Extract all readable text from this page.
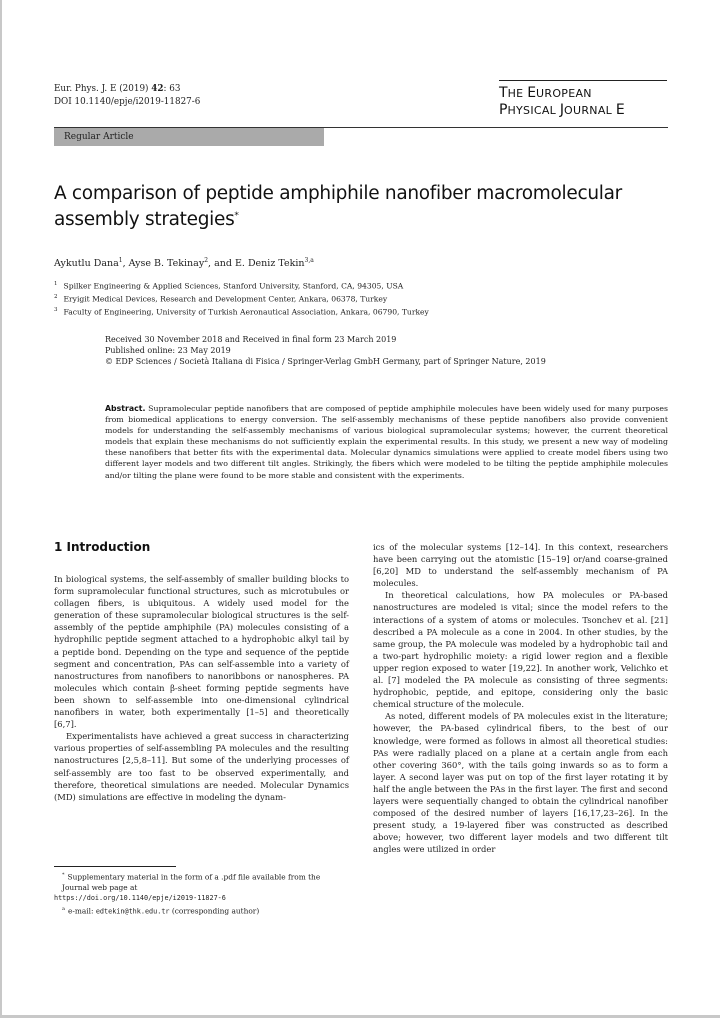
Eur. Phys. J. E (2019) 42: 63
DOI 10.1140/epje/i2019-11827-6
THE EUROPEAN
PHYSICAL JOURNAL E
Regular Article
A comparison of peptide amphiphile nanofiber macromolecular assembly strategies*
Aykutlu Dana$^1$, Ayse B. Tekinay$^2$, and E. Deniz Tekin$^{3,a}$
$^1$ Spilker Engineering & Applied Sciences, Stanford University, Stanford, CA, 94305, USA
$^2$ Eryigit Medical Devices, Research and Development Center, Ankara, 06378, Turkey
$^3$ Faculty of Engineering, University of Turkish Aeronautical Association, Ankara, 06790, Turkey
Received 30 November 2018 and Received in final form 23 March 2019
Published online: 23 May 2019
© EDP Sciences / Società Italiana di Fisica / Springer-Verlag GmbH Germany, part of Springer Nature, 2019
Abstract. Supramolecular peptide nanofibers that are composed of peptide amphiphile molecules have been widely used for many purposes from biomedical applications to energy conversion. The self-assembly mechanisms of these peptide nanofibers also provide convenient models for understanding the self-assembly mechanisms of various biological supramolecular systems; however, the current theoretical models that explain these mechanisms do not sufficiently explain the experimental results. In this study, we present a new way of modeling these nanofibers that better fits with the experimental data. Molecular dynamics simulations were applied to create model fibers using two different layer models and two different tilt angles. Strikingly, the fibers which were modeled to be tilting the peptide amphiphile molecules and/or tilting the plane were found to be more stable and consistent with the experiments.
1 Introduction

In biological systems, the self-assembly of smaller building blocks to form supramolecular functional structures, such as microtubules or collagen fibers, is ubiquitous. A widely used model for the generation of these supramolecular biological structures is the self-assembly of the peptide amphiphile (PA) molecules consisting of a hydrophilic peptide segment attached to a hydrophobic alkyl tail by a peptide bond. Depending on the type and sequence of the peptide segment and concentration, PAs can self-assemble into a variety of nanostructures from nanofibers to nanoribbons or nanospheres. PA molecules which contain β-sheet forming peptide segments have been shown to self-assemble into one-dimensional cylindrical nanofibers in water, both experimentally [1–5] and theoretically [6,7].

Experimentalists have achieved a great success in characterizing various properties of self-assembling PA molecules and the resulting nanostructures [2,5,8–11]. But some of the underlying processes of self-assembly are too fast to be observed experimentally, and therefore, theoretical simulations are needed. Molecular Dynamics (MD) simulations are effective in modeling the dynam-

ics of the molecular systems [12–14]. In this context, researchers have been carrying out the atomistic [15–19] or/and coarse-grained [6,20] MD to understand the self-assembly mechanism of PA molecules.

In theoretical calculations, how PA molecules or PA-based nanostructures are modeled is vital; since the model refers to the interactions of a system of atoms or molecules. Tsonchev et al. [21] described a PA molecule as a cone in 2004. In other studies, by the same group, the PA molecule was modeled by a hydrophobic tail and a two-part hydrophilic moiety: a rigid lower region and a flexible upper region exposed to water [19,22]. In another work, Velichko et al. [7] modeled the PA molecule as consisting of three segments: hydrophobic, peptide, and epitope, considering only the basic chemical structure of the molecule.

As noted, different models of PA molecules exist in the literature; however, the PA-based cylindrical fibers, to the best of our knowledge, were formed as follows in almost all theoretical studies: PAs were radially placed on a plane at a certain angle from each other covering 360°, with the tails going inwards so as to form a layer. A second layer was put on top of the first layer rotating it by half the angle between the PAs in the first layer. The first and second layers were sequentially changed to obtain the cylindrical nanofiber composed of the desired number of layers [16,17,23–26]. In the present study, a 19-layered fiber was constructed as described above; however, two different layer models and two different tilt angles were utilized in order

* Supplementary material in the form of a .pdf file available from the Journal web page at
https://doi.org/10.1140/epje/i2019-11827-6
$^a$ e-mail: edtekin@thk.edu.tr (corresponding author)
